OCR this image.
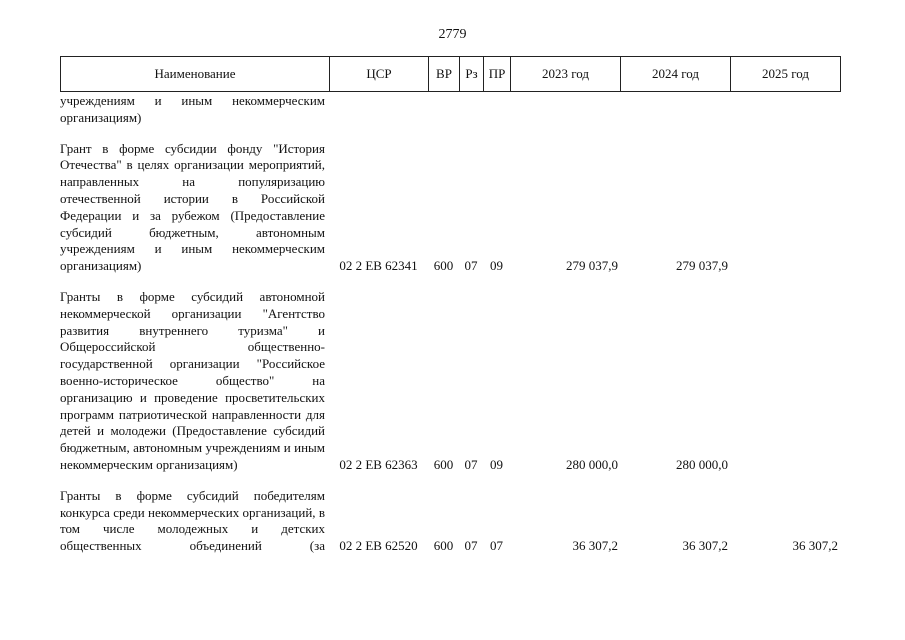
2779
Наименование	ЦСР	ВР	Рз	ПР	2023 год	2024 год	2025 год
учреждениям и иным некоммерческим организациям)							

Грант в форме субсидии фонду "История Отечества" в целях организации мероприятий, направленных на популяризацию отечественной истории в Российской Федерации и за рубежом (Предоставление субсидий бюджетным, автономным учреждениям и иным некоммерческим организациям)	02 2 ЕВ 62341	600	07	09	279 037,9	279 037,9	

Гранты в форме субсидий автономной некоммерческой организации "Агентство развития внутреннего туризма" и Общероссийской общественно-государственной организации "Российское военно-историческое общество" на организацию и проведение просветительских программ патриотической направленности для детей и молодежи (Предоставление субсидий бюджетным, автономным учреждениям и иным некоммерческим организациям)	02 2 ЕВ 62363	600	07	09	280 000,0	280 000,0	

Гранты в форме субсидий победителям конкурса среди некоммерческих организаций, в том числе молодежных и детских общественных объединений (за	02 2 ЕВ 62520	600	07	07	36 307,2	36 307,2	36 307,2
